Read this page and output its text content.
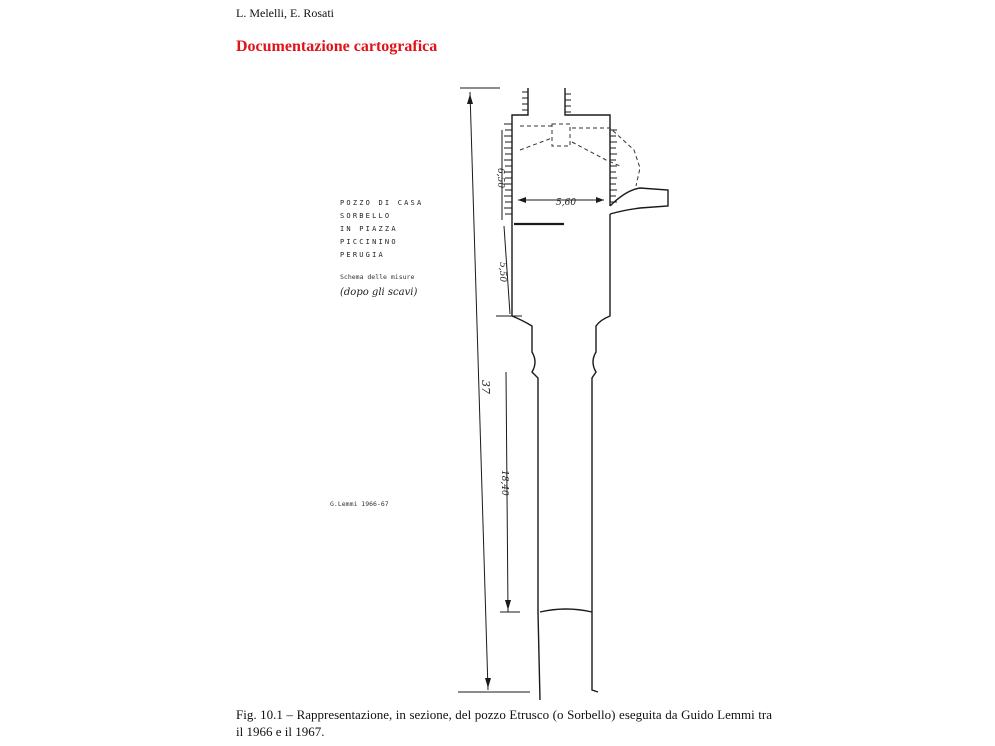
L. Melelli, E. Rosati
Documentazione cartografica
37
6,50
5,50
18,40
5,60
POZZO DI CASA
SORBELLO
IN PIAZZA
PICCININO
PERUGIA
Schema delle misure
(dopo gli scavi)
G.Lemmi 1966-67
Fig. 10.1 – Rappresentazione, in sezione, del pozzo Etrusco (o Sorbello) eseguita da Guido Lemmi tra il 1966 e il 1967.
